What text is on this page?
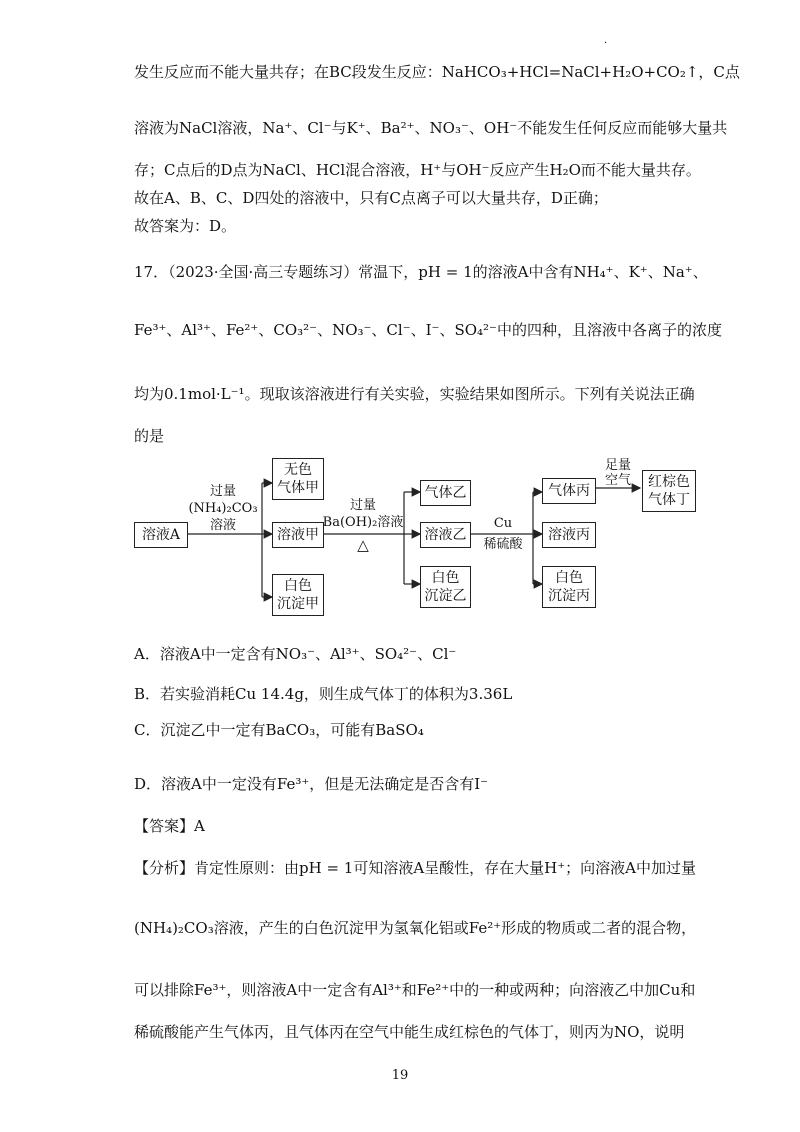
·
发生反应而不能大量共存；在BC段发生反应：NaHCO₃+HCl=NaCl+H₂O+CO₂↑，C点
溶液为NaCl溶液，Na⁺、Cl⁻与K⁺、Ba²⁺、NO₃⁻、OH⁻不能发生任何反应而能够大量共
存；C点后的D点为NaCl、HCl混合溶液，H⁺与OH⁻反应产生H₂O而不能大量共存。
故在A、B、C、D四处的溶液中，只有C点离子可以大量共存，D正确；
故答案为：D。
17．（2023·全国·高三专题练习）常温下，pH = 1的溶液A中含有NH₄⁺、K⁺、Na⁺、
Fe³⁺、Al³⁺、Fe²⁺、CO₃²⁻、NO₃⁻、Cl⁻、I⁻、SO₄²⁻中的四种，且溶液中各离子的浓度
均为0.1mol·L⁻¹。现取该溶液进行有关实验，实验结果如图所示。下列有关说法正确
的是
溶液A
无色
气体甲
溶液甲
白色
沉淀甲
过量
(NH₄)₂CO₃
溶液
过量
Ba(OH)₂溶液
△
气体乙
溶液乙
白色
沉淀乙
Cu
稀硫酸
气体丙
溶液丙
白色
沉淀丙
足量
空气	红棕色
气体丁
A．溶液A中一定含有NO₃⁻、Al³⁺、SO₄²⁻、Cl⁻
B．若实验消耗Cu 14.4g，则生成气体丁的体积为3.36L
C．沉淀乙中一定有BaCO₃，可能有BaSO₄
D．溶液A中一定没有Fe³⁺，但是无法确定是否含有I⁻
【答案】A
【分析】肯定性原则：由pH = 1可知溶液A呈酸性，存在大量H⁺；向溶液A中加过量
(NH₄)₂CO₃溶液，产生的白色沉淀甲为氢氧化铝或Fe²⁺形成的物质或二者的混合物，
可以排除Fe³⁺，则溶液A中一定含有Al³⁺和Fe²⁺中的一种或两种；向溶液乙中加Cu和
稀硫酸能产生气体丙，且气体丙在空气中能生成红棕色的气体丁，则丙为NO，说明
19
